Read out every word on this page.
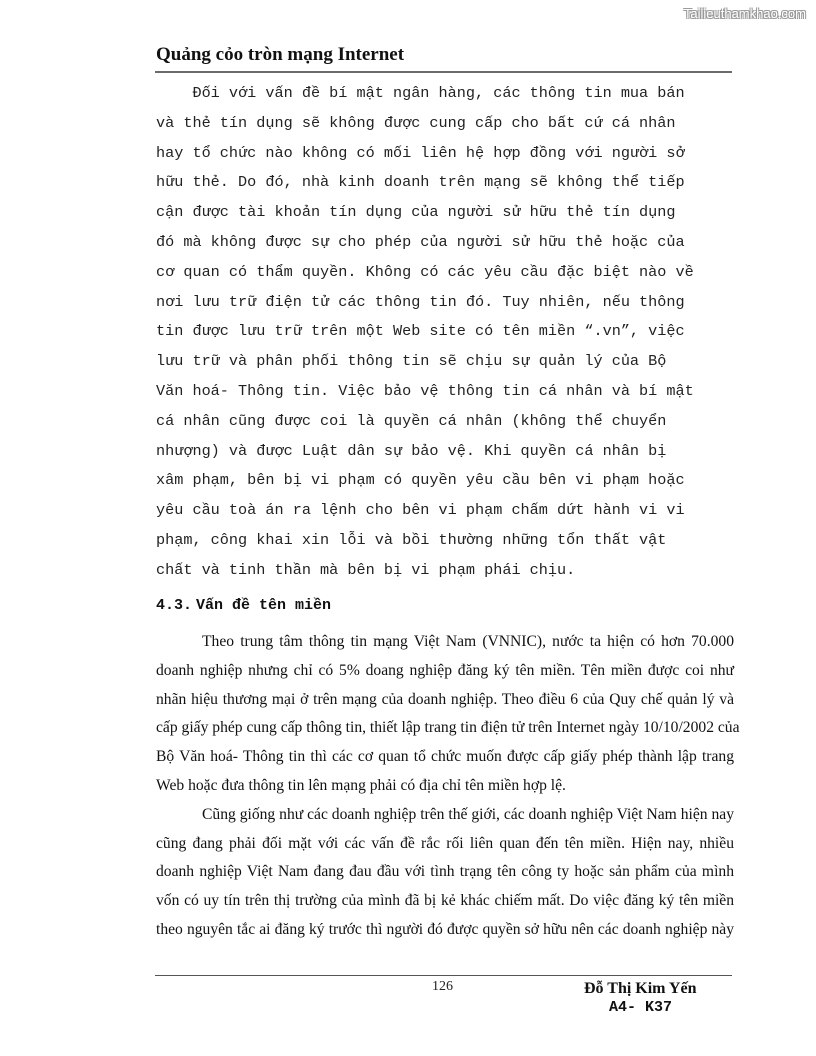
Tailieuthamkhao.com
Quảng cỏo tròn mạng Internet
Đối với vấn đề bí mật ngân hàng, các thông tin mua bán
và thẻ tín dụng sẽ không được cung cấp cho bất cứ cá nhân
hay tổ chức nào không có mối liên hệ hợp đồng với người sở
hữu thẻ. Do đó, nhà kinh doanh trên mạng sẽ không thể tiếp
cận được tài khoản tín dụng của người sử hữu thẻ tín dụng
đó mà không được sự cho phép của người sử hữu thẻ hoặc của
cơ quan có thẩm quyền. Không có các yêu cầu đặc biệt nào về
nơi lưu trữ điện tử các thông tin đó. Tuy nhiên, nếu thông
tin được lưu trữ trên một Web site có tên miền “.vn”, việc
lưu trữ và phân phối thông tin sẽ chịu sự quản lý của Bộ
Văn hoá- Thông tin. Việc bảo vệ thông tin cá nhân và bí mật
cá nhân cũng được coi là quyền cá nhân (không thể chuyển
nhượng) và được Luật dân sự bảo vệ. Khi quyền cá nhân bị
xâm phạm, bên bị vi phạm có quyền yêu cầu bên vi phạm hoặc
yêu cầu toà án ra lệnh cho bên vi phạm chấm dứt hành vi vi
phạm, công khai xin lỗi và bồi thường những tổn thất vật
chất và tinh thần mà bên bị vi phạm phái chịu.
4.3. Vấn đề tên miền
Theo trung tâm thông tin mạng Việt Nam (VNNIC), nước ta hiện có hơn 70.000
doanh nghiệp nhưng chỉ có 5% doang nghiệp đăng ký tên miền. Tên miền được coi như
nhãn hiệu thương mại ở trên mạng của doanh nghiệp. Theo điều 6 của Quy chế quản lý và
cấp giấy phép cung cấp thông tin, thiết lập trang tin điện tử trên Internet ngày 10/10/2002 của
Bộ Văn hoá- Thông tin thì các cơ quan tổ chức muốn được cấp giấy phép thành lập trang
Web hoặc đưa thông tin lên mạng phải có địa chỉ tên miền hợp lệ.
Cũng giống như các doanh nghiệp trên thế giới, các doanh nghiệp Việt Nam hiện nay
cũng đang phải đối mặt với các vấn đề rắc rối liên quan đến tên miền. Hiện nay, nhiều
doanh nghiệp Việt Nam đang đau đầu với tình trạng tên công ty hoặc sản phẩm của mình
vốn có uy tín trên thị trường của mình đã bị kẻ khác chiếm mất. Do việc đăng ký tên miền
theo nguyên tắc ai đăng ký trước thì người đó được quyền sở hữu nên các doanh nghiệp này
126	Đỗ Thị Kim Yến
A4- K37
